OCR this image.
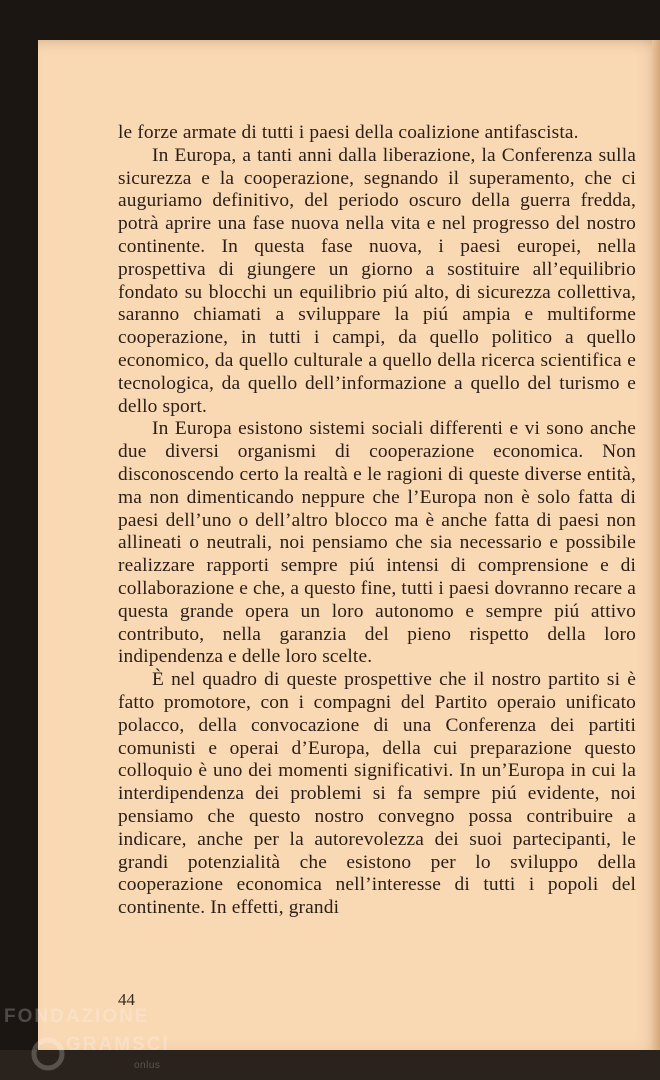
le forze armate di tutti i paesi della coalizione antifascista.

In Europa, a tanti anni dalla liberazione, la Conferenza sulla sicurezza e la cooperazione, segnando il superamento, che ci auguriamo definitivo, del periodo oscuro della guerra fredda, potrà aprire una fase nuova nella vita e nel progresso del nostro continente. In questa fase nuova, i paesi europei, nella prospettiva di giungere un giorno a sostituire all’equilibrio fondato su blocchi un equilibrio piú alto, di sicurezza collettiva, saranno chiamati a sviluppare la piú ampia e multiforme cooperazione, in tutti i campi, da quello politico a quello economico, da quello culturale a quello della ricerca scientifica e tecnologica, da quello dell’informazione a quello del turismo e dello sport.

In Europa esistono sistemi sociali differenti e vi sono anche due diversi organismi di cooperazione economica. Non disconoscendo certo la realtà e le ragioni di queste diverse entità, ma non dimenticando neppure che l’Europa non è solo fatta di paesi dell’uno o dell’altro blocco ma è anche fatta di paesi non allineati o neutrali, noi pensiamo che sia necessario e possibile realizzare rapporti sempre piú intensi di comprensione e di collaborazione e che, a questo fine, tutti i paesi dovranno recare a questa grande opera un loro autonomo e sempre piú attivo contributo, nella garanzia del pieno rispetto della loro indipendenza e delle loro scelte.

È nel quadro di queste prospettive che il nostro partito si è fatto promotore, con i compagni del Partito operaio unificato polacco, della convocazione di una Conferenza dei partiti comunisti e operai d’Europa, della cui preparazione questo colloquio è uno dei momenti significativi. In un’Europa in cui la interdipendenza dei problemi si fa sempre piú evidente, noi pensiamo che questo nostro convegno possa contribuire a indicare, anche per la autorevolezza dei suoi partecipanti, le grandi potenzialità che esistono per lo sviluppo della cooperazione economica nell’interesse di tutti i popoli del continente. In effetti, grandi

44
FONDAZIONE
GRAMSCI
onlus
